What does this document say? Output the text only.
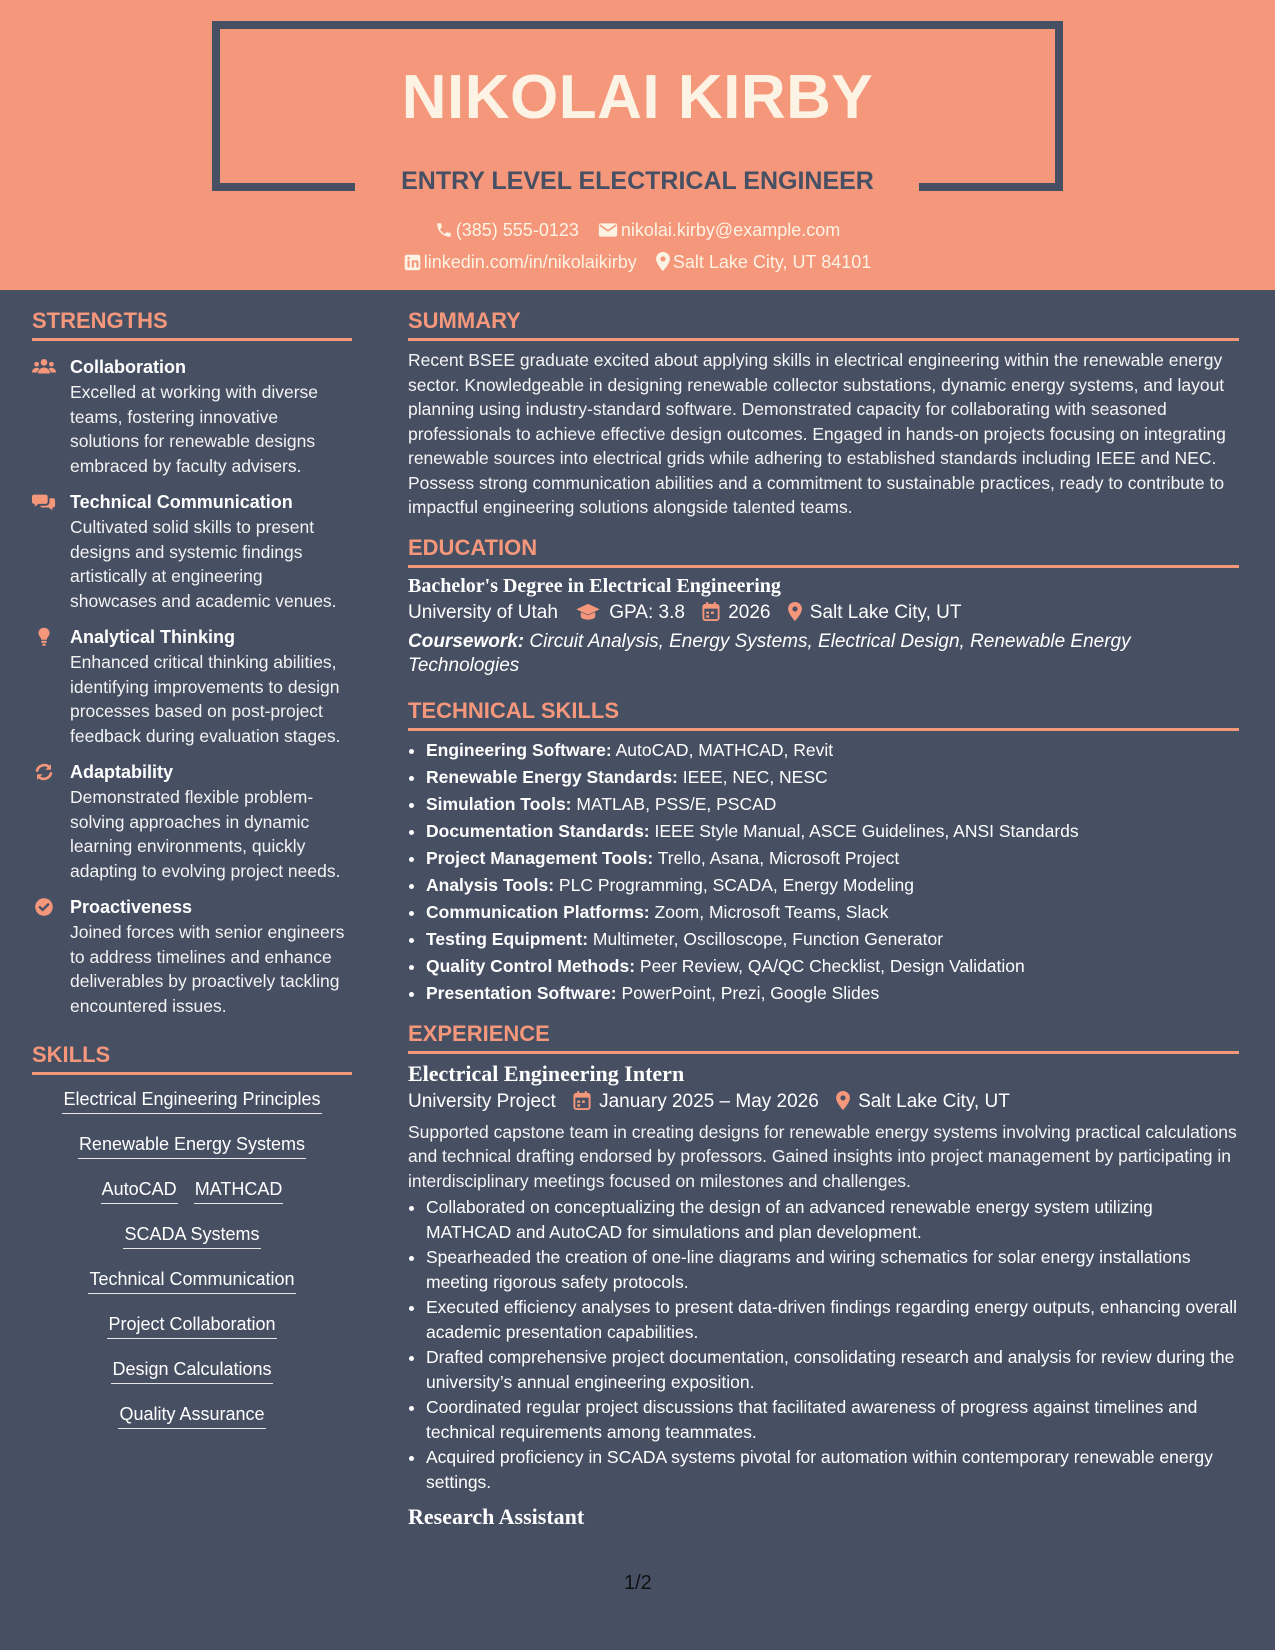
NIKOLAI KIRBY
ENTRY LEVEL ELECTRICAL ENGINEER
(385) 555-0123 nikolai.kirby@example.com
linkedin.com/in/nikolaikirby Salt Lake City, UT 84101
STRENGTHS
Collaboration
Excelled at working with diverse teams, fostering innovative solutions for renewable designs embraced by faculty advisers.
Technical Communication
Cultivated solid skills to present designs and systemic findings artistically at engineering showcases and academic venues.
Analytical Thinking
Enhanced critical thinking abilities, identifying improvements to design processes based on post-project feedback during evaluation stages.
Adaptability
Demonstrated flexible problem-solving approaches in dynamic learning environments, quickly adapting to evolving project needs.
Proactiveness
Joined forces with senior engineers to address timelines and enhance deliverables by proactively tackling encountered issues.
SKILLS
Electrical Engineering Principles
Renewable Energy Systems
AutoCAD MATHCAD
SCADA Systems
Technical Communication
Project Collaboration
Design Calculations
Quality Assurance
SUMMARY
Recent BSEE graduate excited about applying skills in electrical engineering within the renewable energy sector. Knowledgeable in designing renewable collector substations, dynamic energy systems, and layout planning using industry-standard software. Demonstrated capacity for collaborating with seasoned professionals to achieve effective design outcomes. Engaged in hands-on projects focusing on integrating renewable sources into electrical grids while adhering to established standards including IEEE and NEC. Possess strong communication abilities and a commitment to sustainable practices, ready to contribute to impactful engineering solutions alongside talented teams.
EDUCATION
Bachelor's Degree in Electrical Engineering
University of Utah	GPA: 3.8 2026 Salt Lake City, UT
Coursework: Circuit Analysis, Energy Systems, Electrical Design, Renewable Energy Technologies
TECHNICAL SKILLS
• Engineering Software: AutoCAD, MATHCAD, Revit
• Renewable Energy Standards: IEEE, NEC, NESC
• Simulation Tools: MATLAB, PSS/E, PSCAD
• Documentation Standards: IEEE Style Manual, ASCE Guidelines, ANSI Standards
• Project Management Tools: Trello, Asana, Microsoft Project
• Analysis Tools: PLC Programming, SCADA, Energy Modeling
• Communication Platforms: Zoom, Microsoft Teams, Slack
• Testing Equipment: Multimeter, Oscilloscope, Function Generator
• Quality Control Methods: Peer Review, QA/QC Checklist, Design Validation
• Presentation Software: PowerPoint, Prezi, Google Slides
EXPERIENCE
Electrical Engineering Intern
University Project January 2025 – May 2026 Salt Lake City, UT
Supported capstone team in creating designs for renewable energy systems involving practical calculations and technical drafting endorsed by professors. Gained insights into project management by participating in interdisciplinary meetings focused on milestones and challenges.
• Collaborated on conceptualizing the design of an advanced renewable energy system utilizing MATHCAD and AutoCAD for simulations and plan development.
• Spearheaded the creation of one-line diagrams and wiring schematics for solar energy installations meeting rigorous safety protocols.
• Executed efficiency analyses to present data-driven findings regarding energy outputs, enhancing overall academic presentation capabilities.
• Drafted comprehensive project documentation, consolidating research and analysis for review during the university’s annual engineering exposition.
• Coordinated regular project discussions that facilitated awareness of progress against timelines and technical requirements among teammates.
• Acquired proficiency in SCADA systems pivotal for automation within contemporary renewable energy settings.
Research Assistant
1/2
